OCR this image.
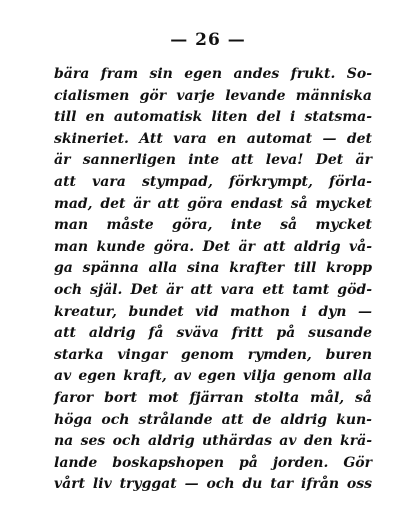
— 26 —
bära fram sin egen andes frukt. So-
cialismen gör varje levande människa
till en automatisk liten del i statsma-
skineriet. Att vara en automat — det
är sannerligen inte att leva! Det är
att vara stympad, förkrympt, förla-
mad, det är att göra endast så mycket
man måste göra, inte så mycket
man kunde göra. Det är att aldrig vå-
ga spänna alla sina krafter till kropp
och själ. Det är att vara ett tamt göd-
kreatur, bundet vid mathon i dyn —
att aldrig få sväva fritt på susande
starka vingar genom rymden, buren
av egen kraft, av egen vilja genom alla
faror bort mot fjärran stolta mål, så
höga och strålande att de aldrig kun-
na ses och aldrig uthärdas av den krä-
lande boskapshopen på jorden. Gör
vårt liv tryggat — och du tar ifrån oss
